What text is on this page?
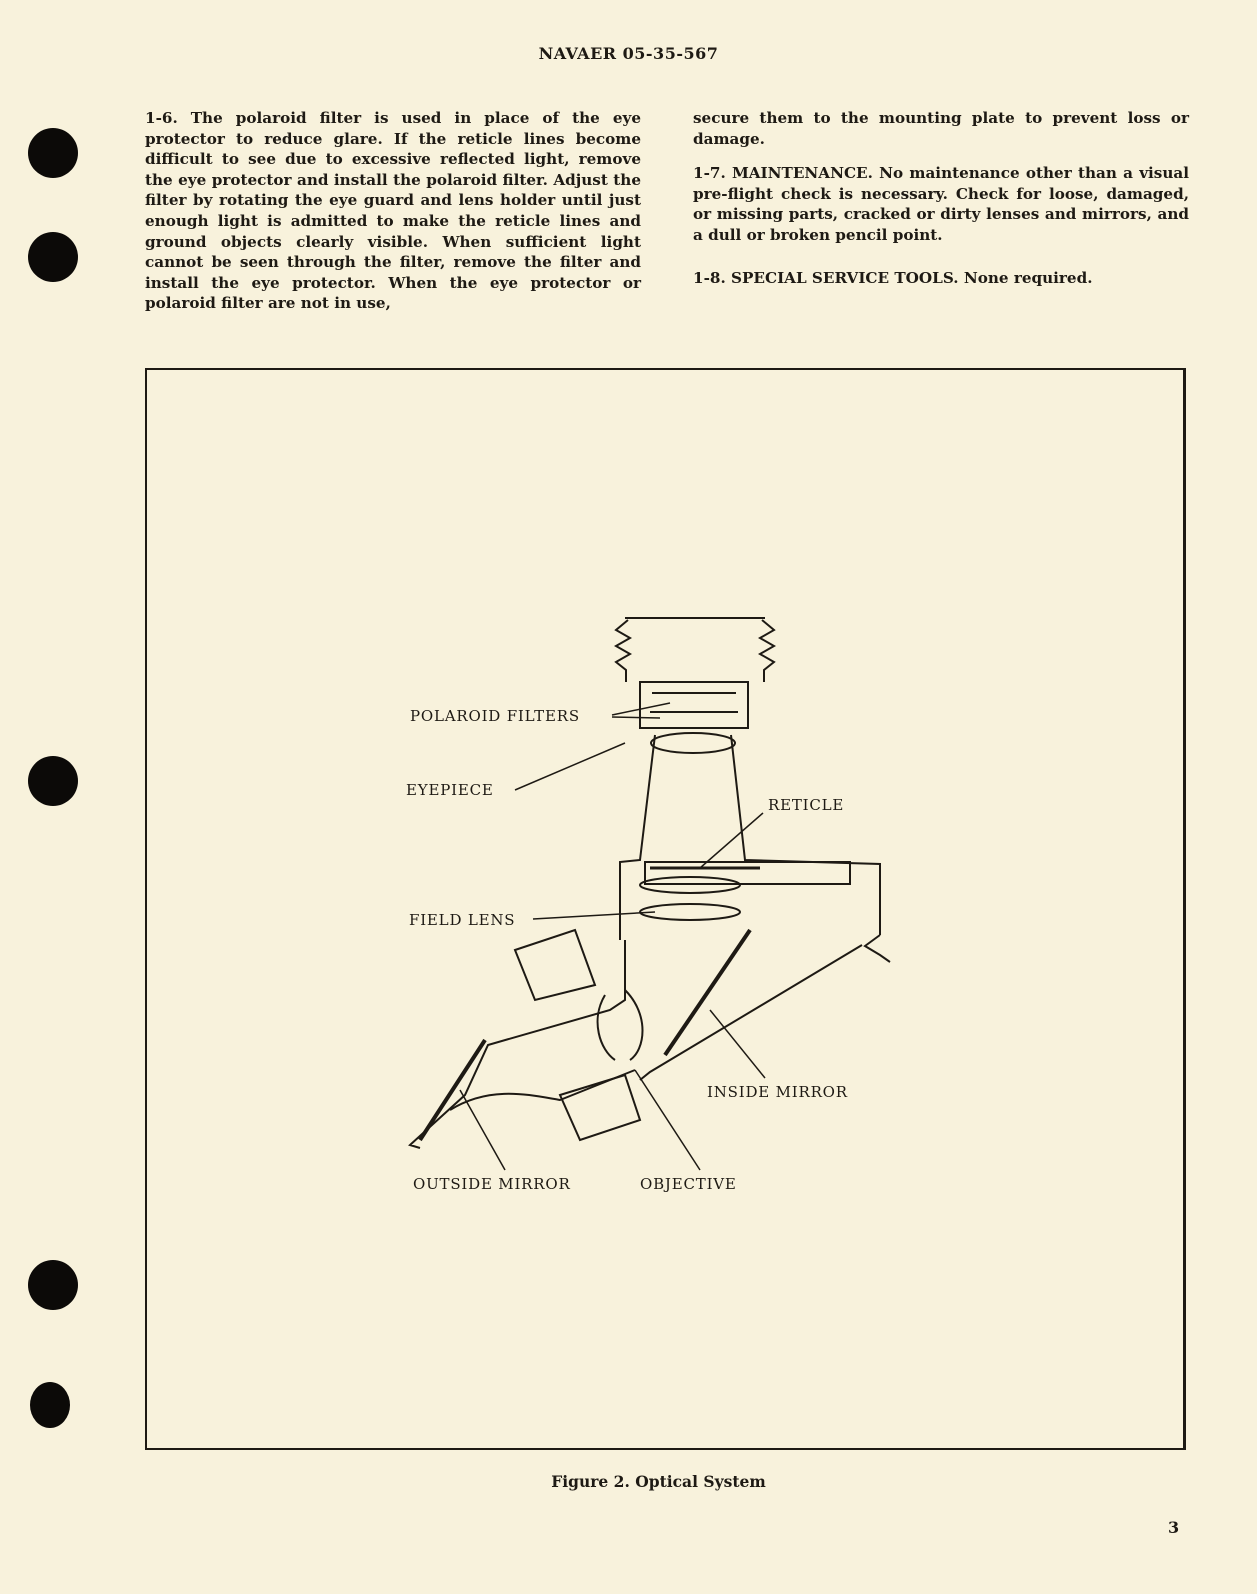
NAVAER 05-35-567

1-6. The polaroid filter is used in place of the eye protector to reduce glare. If the reticle lines become difficult to see due to excessive reflected light, remove the eye protector and install the polaroid filter. Adjust the filter by rotating the eye guard and lens holder until just enough light is admitted to make the reticle lines and ground objects clearly visible. When sufficient light cannot be seen through the filter, remove the filter and install the eye protector. When the eye protector or polaroid filter are not in use,

secure them to the mounting plate to prevent loss or damage.

1-7. MAINTENANCE. No maintenance other than a visual pre-flight check is necessary. Check for loose, damaged, or missing parts, cracked or dirty lenses and mirrors, and a dull or broken pencil point.

1-8. SPECIAL SERVICE TOOLS. None required.

POLAROID FILTERS
EYEPIECE
RETICLE
FIELD LENS
INSIDE MIRROR
OUTSIDE MIRROR	OBJECTIVE
Figure 2. Optical System
3
